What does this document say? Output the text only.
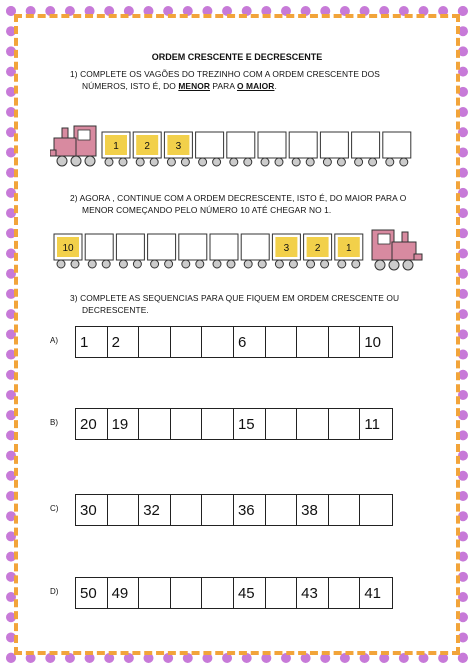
ORDEM CRESCENTE E DECRESCENTE
1) COMPLETE OS VAGÕES DO TREZINHO COM A ORDEM CRESCENTE DOS
NÚMEROS, ISTO É, DO MENOR PARA O MAIOR.
1	2	3
2) AGORA , CONTINUE COM A ORDEM DECRESCENTE, ISTO É, DO MAIOR PARA O
MENOR COMEÇANDO PELO NÚMERO 10 ATÉ CHEGAR NO 1.
10	3	2	1
3) COMPLETE AS SEQUENCIAS PARA QUE FIQUEM EM ORDEM CRESCENTE OU
DECRESCENTE.
A) 1	2	6	10
B) 20 19	15	11
C) 30	32	36	38
D) 50 49	45	43	41
